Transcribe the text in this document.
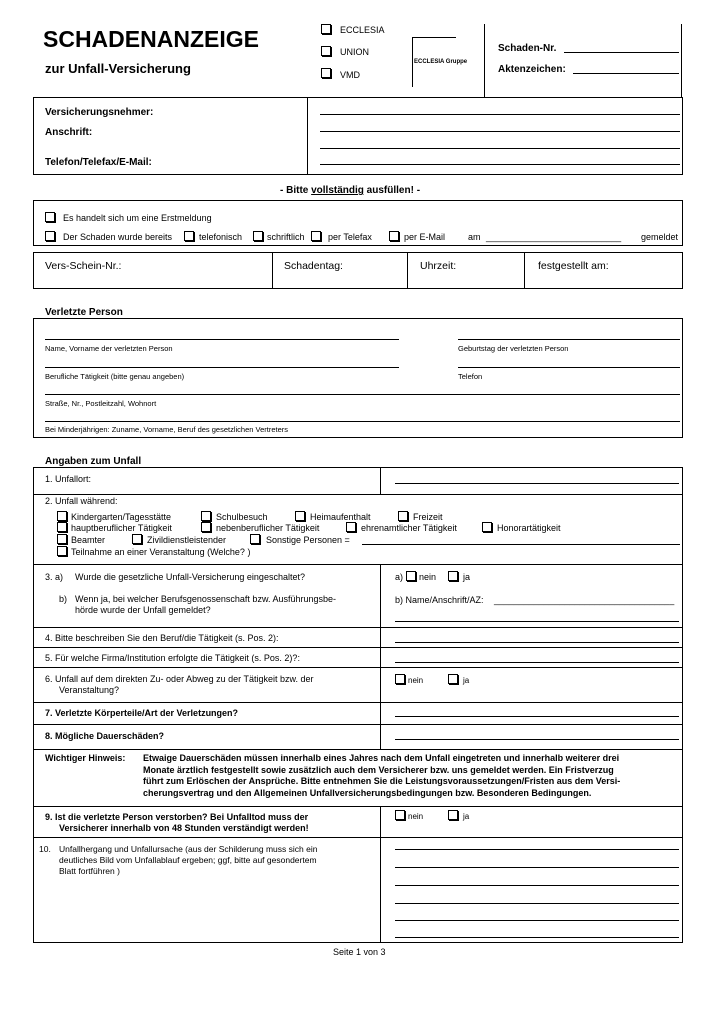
SCHADENANZEIGE
zur Unfall-Versicherung
ECCLESIA
UNION
VMD
ECCLESIA Gruppe
Schaden-Nr.
Aktenzeichen:
Versicherungsnehmer:
Anschrift:
Telefon/Telefax/E-Mail:
- Bitte vollständig ausfüllen! -
Es handelt sich um eine Erstmeldung
Der Schaden wurde bereits	telefonisch	schriftlich	per Telefax	per E-Mail	am ___________________________ gemeldet
Vers-Schein-Nr.:	Schadentag:	Uhrzeit:	festgestellt am:
Verletzte Person
Name, Vorname der verletzten Person	Geburtstag der verletzten Person
Berufliche Tätigkeit (bitte genau angeben)	Telefon
Straße, Nr., Postleitzahl, Wohnort
Bei Minderjährigen: Zuname, Vorname, Beruf des gesetzlichen Vertreters
Angaben zum Unfall
1. Unfallort:
2. Unfall während:
Kindergarten/Tagesstätte	Schulbesuch	Heimaufenthalt	Freizeit
hauptberuflicher Tätigkeit	nebenberuflicher Tätigkeit	ehrenamtlicher Tätigkeit	Honorartätigkeit
Beamter	Zivildienstleistender	Sonstige Personen =
Teilnahme an einer Veranstaltung (Welche? )
3. a) Wurde die gesetzliche Unfall-Versicherung eingeschaltet?	a) nein	ja
b) Wenn ja, bei welcher Berufsgenossenschaft bzw. Ausführungsbe-
hörde wurde der Unfall gemeldet?
b) Name/Anschrift/AZ: ____________________________________
4. Bitte beschreiben Sie den Beruf/die Tätigkeit (s. Pos. 2):
5. Für welche Firma/Institution erfolgte die Tätigkeit (s. Pos. 2)?:
6. Unfall auf dem direkten Zu- oder Abweg zu der Tätigkeit bzw. der
Veranstaltung?
nein	ja
7. Verletzte Körperteile/Art der Verletzungen?
8. Mögliche Dauerschäden?
Wichtiger Hinweis: Etwaige Dauerschäden müssen innerhalb eines Jahres nach dem Unfall eingetreten und innerhalb weiterer drei
Monate ärztlich festgestellt sowie zusätzlich auch dem Versicherer bzw. uns gemeldet werden. Ein Fristverzug
führt zum Erlöschen der Ansprüche. Bitte entnehmen Sie die Leistungsvoraussetzungen/Fristen aus dem Versi-
cherungsvertrag und den Allgemeinen Unfallversicherungsbedingungen bzw. Besonderen Bedingungen.
9. Ist die verletzte Person verstorben? Bei Unfalltod muss der
Versicherer innerhalb von 48 Stunden verständigt werden!
nein	ja
10. Unfallhergang und Unfallursache (aus der Schilderung muss sich ein
deutliches Bild vom Unfallablauf ergeben; ggf, bitte auf gesondertem
Blatt fortführen )
Seite 1 von 3
